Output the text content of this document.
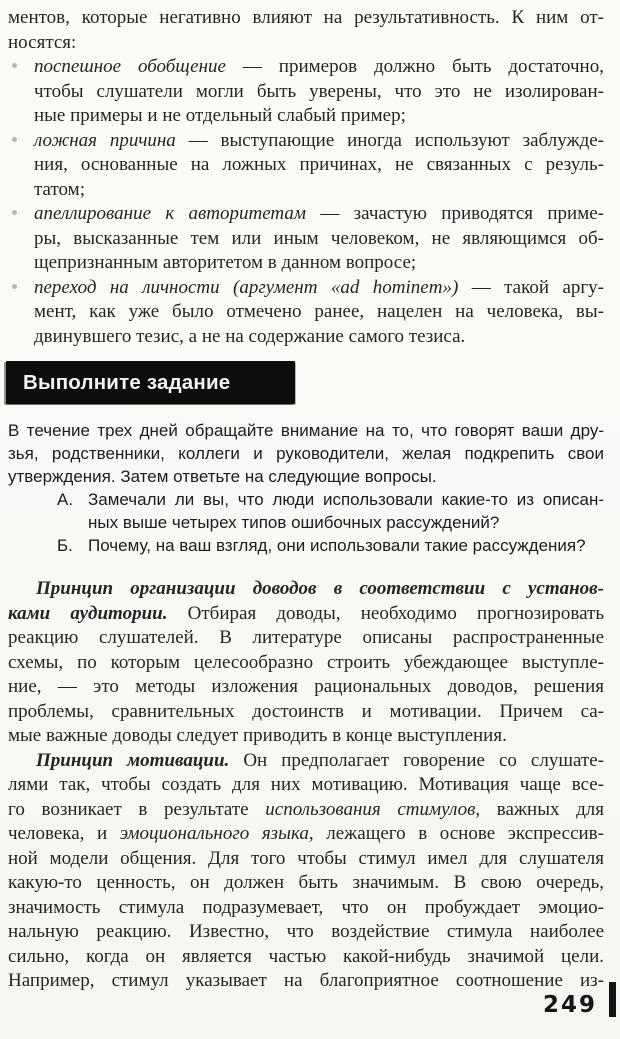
ментов, которые негативно влияют на результативность. К ним от-
носятся:
поспешное обобщение — примеров должно быть достаточно,
чтобы слушатели могли быть уверены, что это не изолирован-
ные примеры и не отдельный слабый пример;
ложная причина — выступающие иногда используют заблужде-
ния, основанные на ложных причинах, не связанных с резуль-
татом;
апеллирование к авторитетам — зачастую приводятся приме-
ры, высказанные тем или иным человеком, не являющимся об-
щепризнанным авторитетом в данном вопросе;
переход на личности (аргумент «ad hominem») — такой аргу-
мент, как уже было отмечено ранее, нацелен на человека, вы-
двинувшего тезис, а не на содержание самого тезиса.
Выполните задание
В течение трех дней обращайте внимание на то, что говорят ваши дру-
зья, родственники, коллеги и руководители, желая подкрепить свои
утверждения. Затем ответьте на следующие вопросы.
А. Замечали ли вы, что люди использовали какие-то из описан-
ных выше четырех типов ошибочных рассуждений?
Б. Почему, на ваш взгляд, они использовали такие рассуждения?
Принцип организации доводов в соответствии с установ-
ками аудитории. Отбирая доводы, необходимо прогнозировать
реакцию слушателей. В литературе описаны распространенные
схемы, по которым целесообразно строить убеждающее выступле-
ние, — это методы изложения рациональных доводов, решения
проблемы, сравнительных достоинств и мотивации. Причем са-
мые важные доводы следует приводить в конце выступления.
Принцип мотивации. Он предполагает говорение со слушате-
лями так, чтобы создать для них мотивацию. Мотивация чаще все-
го возникает в результате использования стимулов, важных для
человека, и эмоционального языка, лежащего в основе экспрессив-
ной модели общения. Для того чтобы стимул имел для слушателя
какую-то ценность, он должен быть значимым. В свою очередь,
значимость стимула подразумевает, что он пробуждает эмоцио-
нальную реакцию. Известно, что воздействие стимула наиболее
сильно, когда он является частью какой-нибудь значимой цели.
Например, стимул указывает на благоприятное соотношение из-
249
